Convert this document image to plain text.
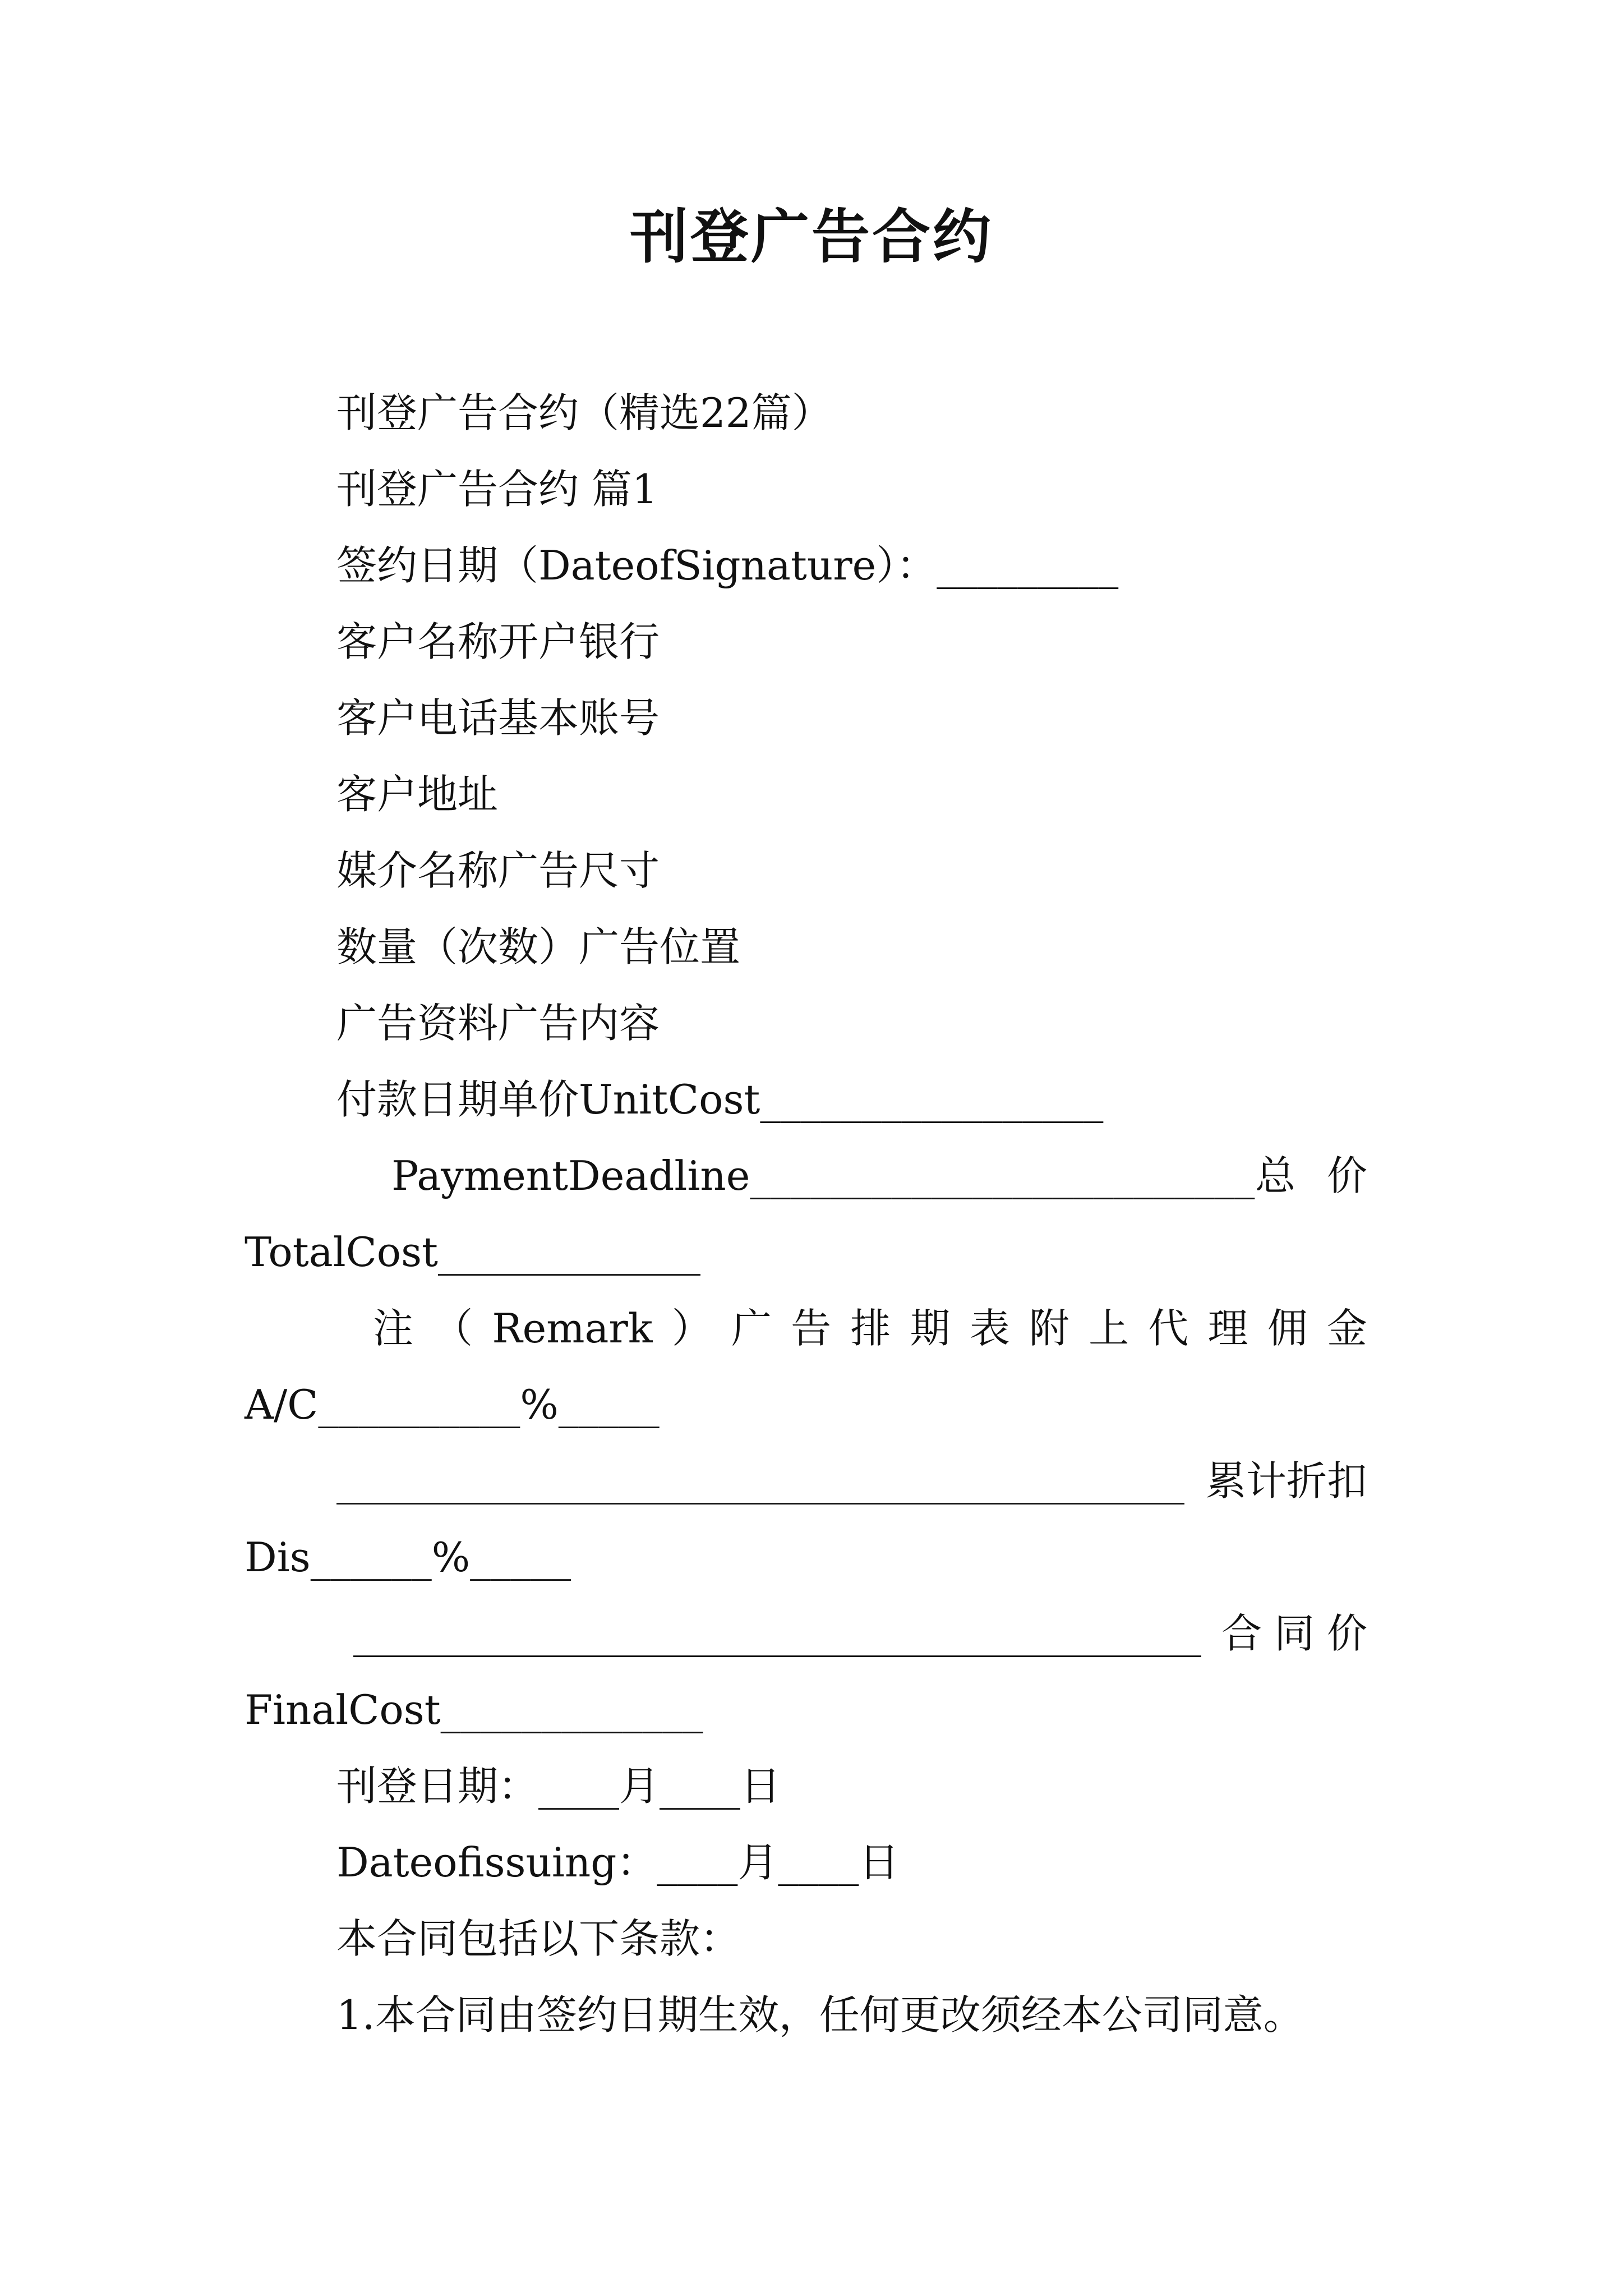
刊登广告合约
刊登广告合约（精选22篇）
刊登广告合约 篇1
签约日期（DateofSignature）：_________
客户名称开户银行
客户电话基本账号
客户地址
媒介名称广告尺寸
数量（次数）广告位置
广告资料广告内容
付款日期单价UnitCost_________________
PaymentDeadline_________________________ 总 价
TotalCost_____________
注 （ Remark ） 广 告 排 期 表 附 上 代 理 佣 金
A/C__________%_____
__________________________________________ 累计折扣
Dis______%_____
__________________________________________ 合 同 价
FinalCost_____________
刊登日期：____月____日
Dateofissuing：____月____日
本合同包括以下条款：
1.本合同由签约日期生效，任何更改须经本公司同意。
